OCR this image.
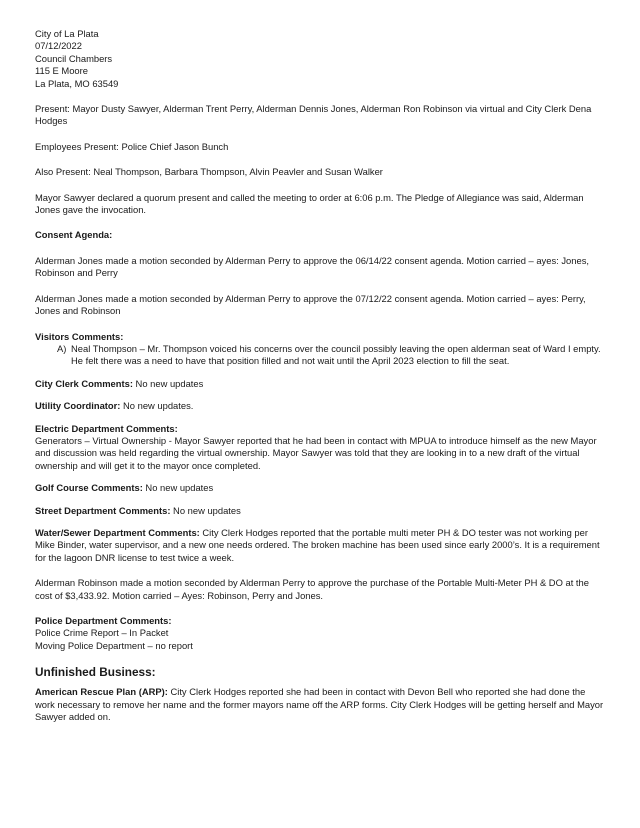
City of La Plata
07/12/2022
Council Chambers
115 E Moore
La Plata, MO 63549

Present: Mayor Dusty Sawyer, Alderman Trent Perry, Alderman Dennis Jones, Alderman Ron Robinson via virtual and City Clerk Dena Hodges

Employees Present: Police Chief Jason Bunch

Also Present: Neal Thompson, Barbara Thompson, Alvin Peavler and Susan Walker

Mayor Sawyer declared a quorum present and called the meeting to order at 6:06 p.m. The Pledge of Allegiance was said, Alderman Jones gave the invocation.

Consent Agenda:

Alderman Jones made a motion seconded by Alderman Perry to approve the 06/14/22 consent agenda. Motion carried – ayes: Jones, Robinson and Perry

Alderman Jones made a motion seconded by Alderman Perry to approve the 07/12/22 consent agenda. Motion carried – ayes: Perry, Jones and Robinson

Visitors Comments:

A) Neal Thompson – Mr. Thompson voiced his concerns over the council possibly leaving the open alderman seat of Ward I empty. He felt there was a need to have that position filled and not wait until the April 2023 election to fill the seat.

City Clerk Comments: No new updates

Utility Coordinator: No new updates.

Electric Department Comments:

Generators – Virtual Ownership - Mayor Sawyer reported that he had been in contact with MPUA to introduce himself as the new Mayor and discussion was held regarding the virtual ownership. Mayor Sawyer was told that they are looking in to a new draft of the virtual ownership and will get it to the mayor once completed.

Golf Course Comments: No new updates

Street Department Comments: No new updates

Water/Sewer Department Comments: City Clerk Hodges reported that the portable multi meter PH & DO tester was not working per Mike Binder, water supervisor, and a new one needs ordered. The broken machine has been used since early 2000’s. It is a requirement for the lagoon DNR license to test twice a week.

Alderman Robinson made a motion seconded by Alderman Perry to approve the purchase of the Portable Multi-Meter PH & DO at the cost of $3,433.92. Motion carried – Ayes: Robinson, Perry and Jones.

Police Department Comments:

Police Crime Report – In Packet

Moving Police Department – no report

Unfinished Business:

American Rescue Plan (ARP): City Clerk Hodges reported she had been in contact with Devon Bell who reported she had done the work necessary to remove her name and the former mayors name off the ARP forms. City Clerk Hodges will be getting herself and Mayor Sawyer added on.
